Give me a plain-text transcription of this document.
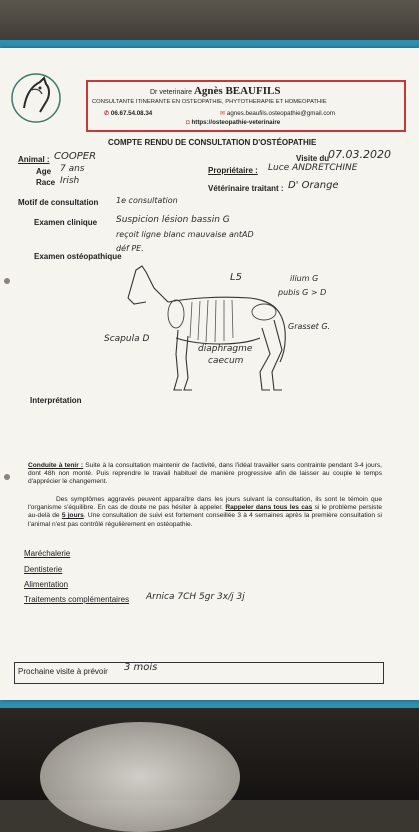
Dr veterinaire Agnès BEAUFILS
CONSULTANTE ITINERANTE EN OSTEOPATHIE, PHYTOTHERAPIE ET HOMEOPATHIE
✆ 06.67.54.08.34	✉ agnes.beaufils.osteopathie@gmail.com
◘ https://osteopathie-veterinaire
COMPTE RENDU DE CONSULTATION D'OSTÉOPATHIE
Animal : COOPER
Age 7 ans
Race Irish
Visite du
07.03.2020
Propriétaire : Luce ANDRETCHINE
Vétérinaire traitant : D' Orange
Motif de consultation 1e consultation
Examen clinique Suspicion lésion bassin G
reçoit ligne blanc mauvaise antAD
déf PE.
Examen ostéopathique
L5	ilium G
pubis G > D
Scapula D
Grasset G.
diaphragme
caecum
Interprétation
Conduite à tenir : Suite à la consultation maintenir de l'activité, dans l'idéal travailler sans contrainte pendant 3-4 jours, dont 48h non monté. Puis reprendre le travail habituel de manière progressive afin de laisser au couple le temps d'apprécier le changement.
Des symptômes aggravés peuvent apparaître dans les jours suivant la consultation, ils sont le témoin que l'organisme s'équilibre. En cas de doute ne pas hésiter à appeler. Rappeler dans tous les cas si le problème persiste au-delà de 5 jours. Une consultation de suivi est fortement conseillée 3 à 4 semaines après la première consultation si l'animal n'est pas contrôlé régulièrement en ostéopathie.
Maréchalerie
Dentisterie
Alimentation
Traitements complémentaires Arnica 7CH 5gr 3x/j 3j
Prochaine visite à prévoir 3 mois
